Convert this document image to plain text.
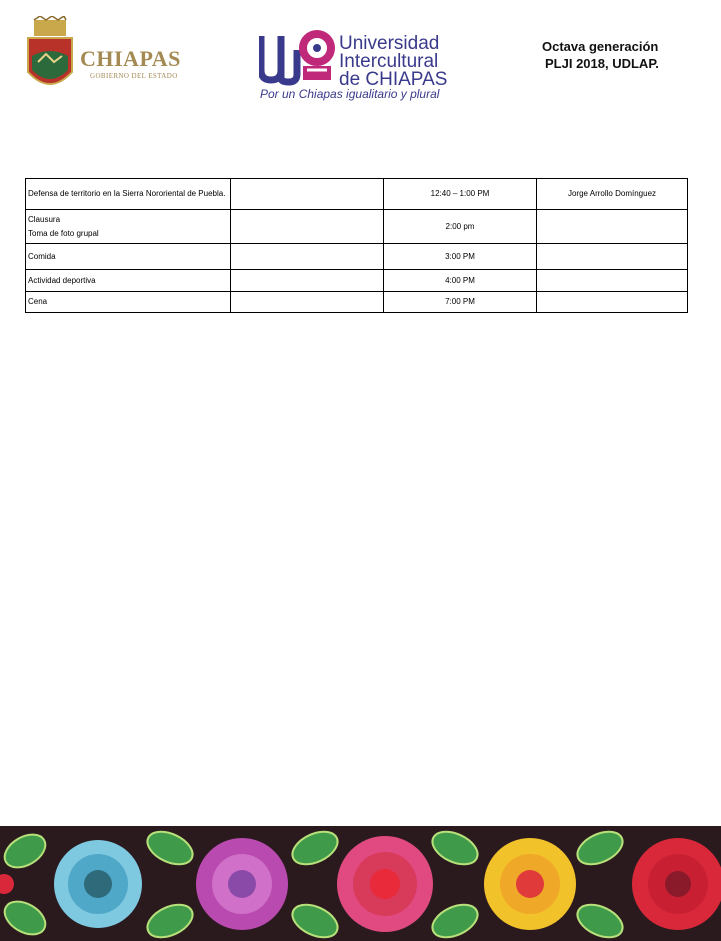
CHIAPAS
GOBIERNO DEL ESTADO
Universidad
Intercultural
de CHIAPAS
Por un Chiapas igualitario y plural
Octava generación
PLJI 2018, UDLAP.
Defensa de territorio en la Sierra Nororiental de Puebla.		12:40 – 1:00 PM	Jorge Arrollo Domínguez

Clausura
Toma de foto grupal		2:00 pm	
Comida		3:00 PM	
Actividad deportiva		4:00 PM	
Cena		7:00 PM	
